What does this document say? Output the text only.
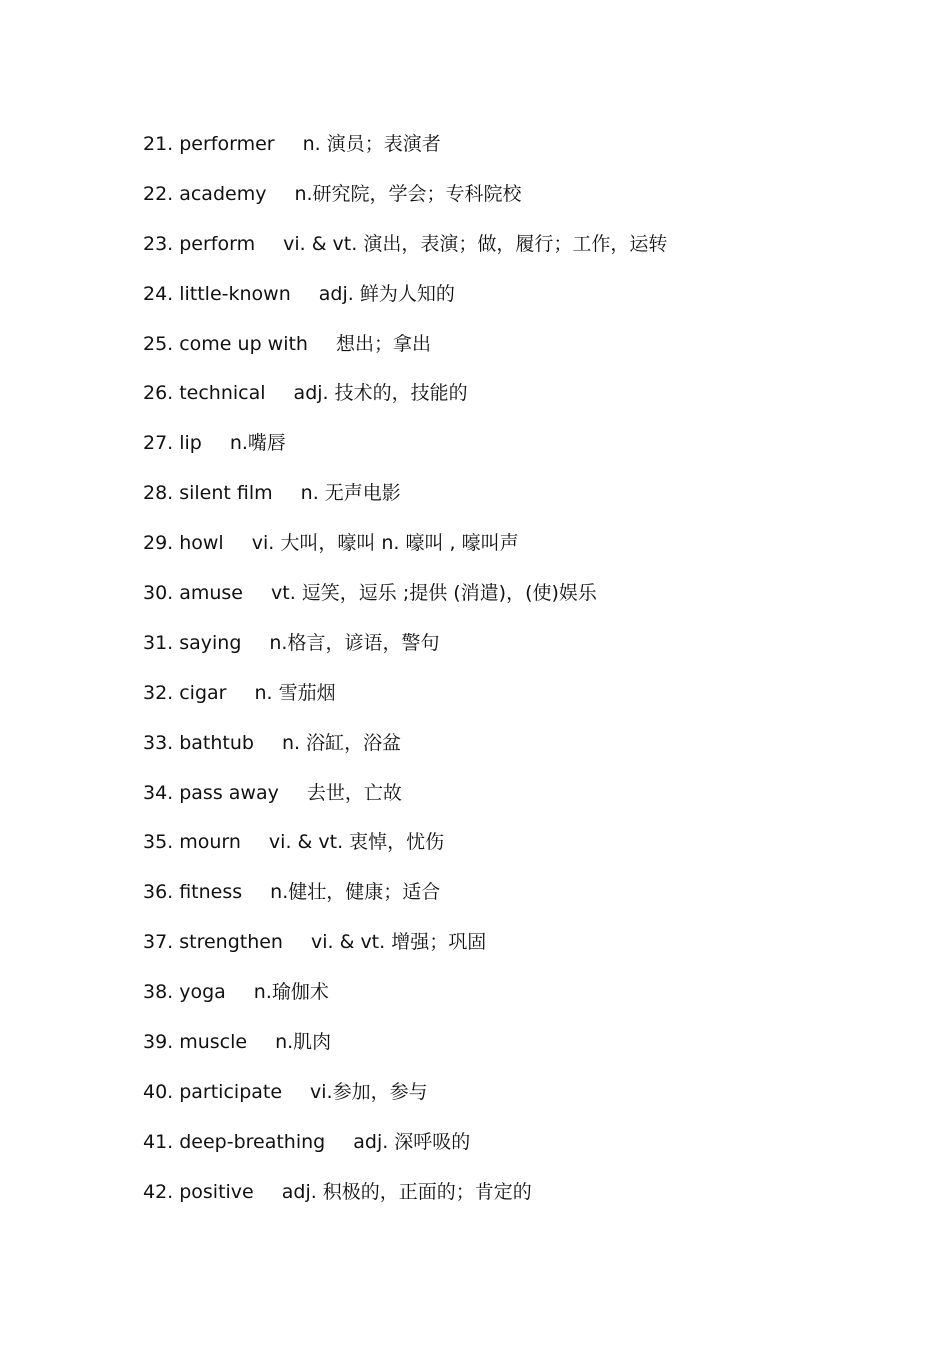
21. performer n. 演员；表演者
22. academy n.研究院，学会；专科院校
23. perform vi. & vt. 演出，表演；做，履行；工作，运转
24. little-known adj. 鲜为人知的
25. come up with 想出；拿出
26. technical adj. 技术的，技能的
27. lip n.嘴唇
28. silent film n. 无声电影
29. howl vi. 大叫，嚎叫 n. 嚎叫 , 嚎叫声
30. amuse vt. 逗笑，逗乐 ;提供 (消遣)，(使)娱乐
31. saying n.格言，谚语，警句
32. cigar n. 雪茄烟
33. bathtub n. 浴缸，浴盆
34. pass away 去世，亡故
35. mourn vi. & vt. 衷悼，忧伤
36. fitness n.健壮，健康；适合
37. strengthen vi. & vt. 增强；巩固
38. yoga n.瑜伽术
39. muscle n.肌肉
40. participate vi.参加，参与
41. deep-breathing adj. 深呼吸的
42. positive adj. 积极的，正面的；肯定的
